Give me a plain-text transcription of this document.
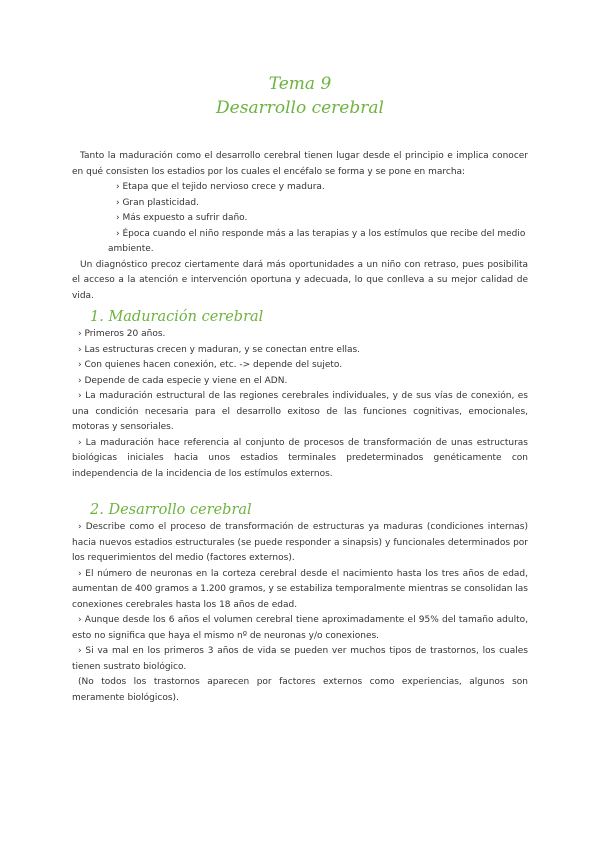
Tema 9
Desarrollo cerebral

Tanto la maduración como el desarrollo cerebral tienen lugar desde el principio e implica conocer en qué consisten los estadios por los cuales el encéfalo se forma y se pone en marcha:

› Etapa que el tejido nervioso crece y madura.

› Gran plasticidad.

› Más expuesto a sufrir daño.

› Época cuando el niño responde más a las terapias y a los estímulos que recibe del medio

ambiente.

Un diagnóstico precoz ciertamente dará más oportunidades a un niño con retraso, pues posibilita el acceso a la atención e intervención oportuna y adecuada, lo que conlleva a su mejor calidad de vida.

1. Maduración cerebral

› Primeros 20 años.

› Las estructuras crecen y maduran, y se conectan entre ellas.

› Con quienes hacen conexión, etc. -> depende del sujeto.

› Depende de cada especie y viene en el ADN.

› La maduración estructural de las regiones cerebrales individuales, y de sus vías de conexión, es una condición necesaria para el desarrollo exitoso de las funciones cognitivas, emocionales, motoras y sensoriales.

› La maduración hace referencia al conjunto de procesos de transformación de unas estructuras biológicas iniciales hacia unos estadios terminales predeterminados genéticamente con independencia de la incidencia de los estímulos externos.

2. Desarrollo cerebral

› Describe como el proceso de transformación de estructuras ya maduras (condiciones internas) hacia nuevos estadios estructurales (se puede responder a sinapsis) y funcionales determinados por los requerimientos del medio (factores externos).

› El número de neuronas en la corteza cerebral desde el nacimiento hasta los tres años de edad, aumentan de 400 gramos a 1.200 gramos, y se estabiliza temporalmente mientras se consolidan las conexiones cerebrales hasta los 18 años de edad.

› Aunque desde los 6 años el volumen cerebral tiene aproximadamente el 95% del tamaño adulto, esto no significa que haya el mismo nº de neuronas y/o conexiones.

› Si va mal en los primeros 3 años de vida se pueden ver muchos tipos de trastornos, los cuales tienen sustrato biológico.

(No todos los trastornos aparecen por factores externos como experiencias, algunos son meramente biológicos).
